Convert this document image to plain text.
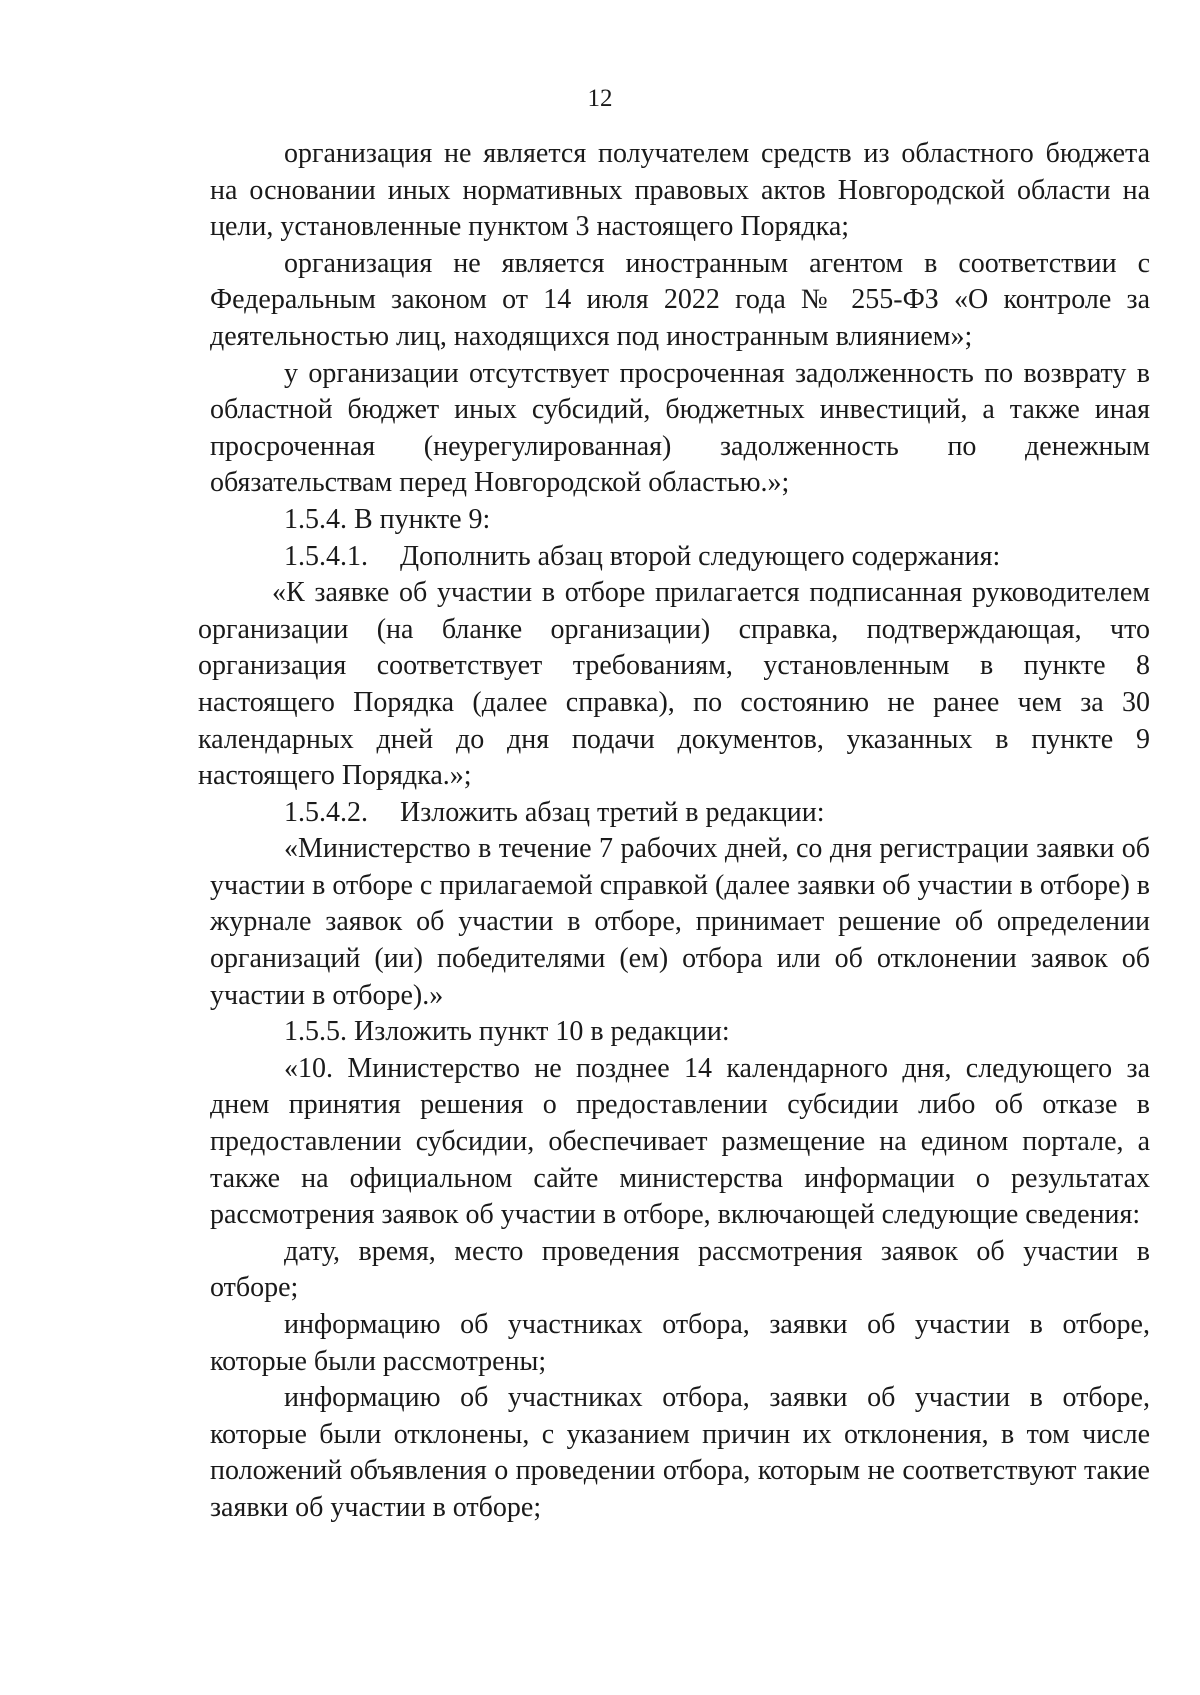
12

организация не является получателем средств из областного бюджета на основании иных нормативных правовых актов Новгородской области на цели, установленные пунктом 3 настоящего Порядка;

организация не является иностранным агентом в соответствии с Федеральным законом от 14 июля 2022 года № 255-ФЗ «О контроле за деятельностью лиц, находящихся под иностранным влиянием»;

у организации отсутствует просроченная задолженность по возврату в областной бюджет иных субсидий, бюджетных инвестиций, а также иная просроченная (неурегулированная) задолженность по денежным обязательствам перед Новгородской областью.»;

1.5.4. В пункте 9:

1.5.4.1. Дополнить абзац второй следующего содержания:

«К заявке об участии в отборе прилагается подписанная руководителем организации (на бланке организации) справка, подтверждающая, что организация соответствует требованиям, установленным в пункте 8 настоящего Порядка (далее справка), по состоянию не ранее чем за 30 календарных дней до дня подачи документов, указанных в пункте 9 настоящего Порядка.»;

1.5.4.2. Изложить абзац третий в редакции:

«Министерство в течение 7 рабочих дней, со дня регистрации заявки об участии в отборе с прилагаемой справкой (далее заявки об участии в отборе) в журнале заявок об участии в отборе, принимает решение об определении организаций (ии) победителями (ем) отбора или об отклонении заявок об участии в отборе).»

1.5.5. Изложить пункт 10 в редакции:

«10. Министерство не позднее 14 календарного дня, следующего за днем принятия решения о предоставлении субсидии либо об отказе в предоставлении субсидии, обеспечивает размещение на едином портале, а также на официальном сайте министерства информации о результатах рассмотрения заявок об участии в отборе, включающей следующие сведения:

дату, время, место проведения рассмотрения заявок об участии в отборе;

информацию об участниках отбора, заявки об участии в отборе, которые были рассмотрены;

информацию об участниках отбора, заявки об участии в отборе, которые были отклонены, с указанием причин их отклонения, в том числе положений объявления о проведении отбора, которым не соответствуют такие заявки об участии в отборе;
